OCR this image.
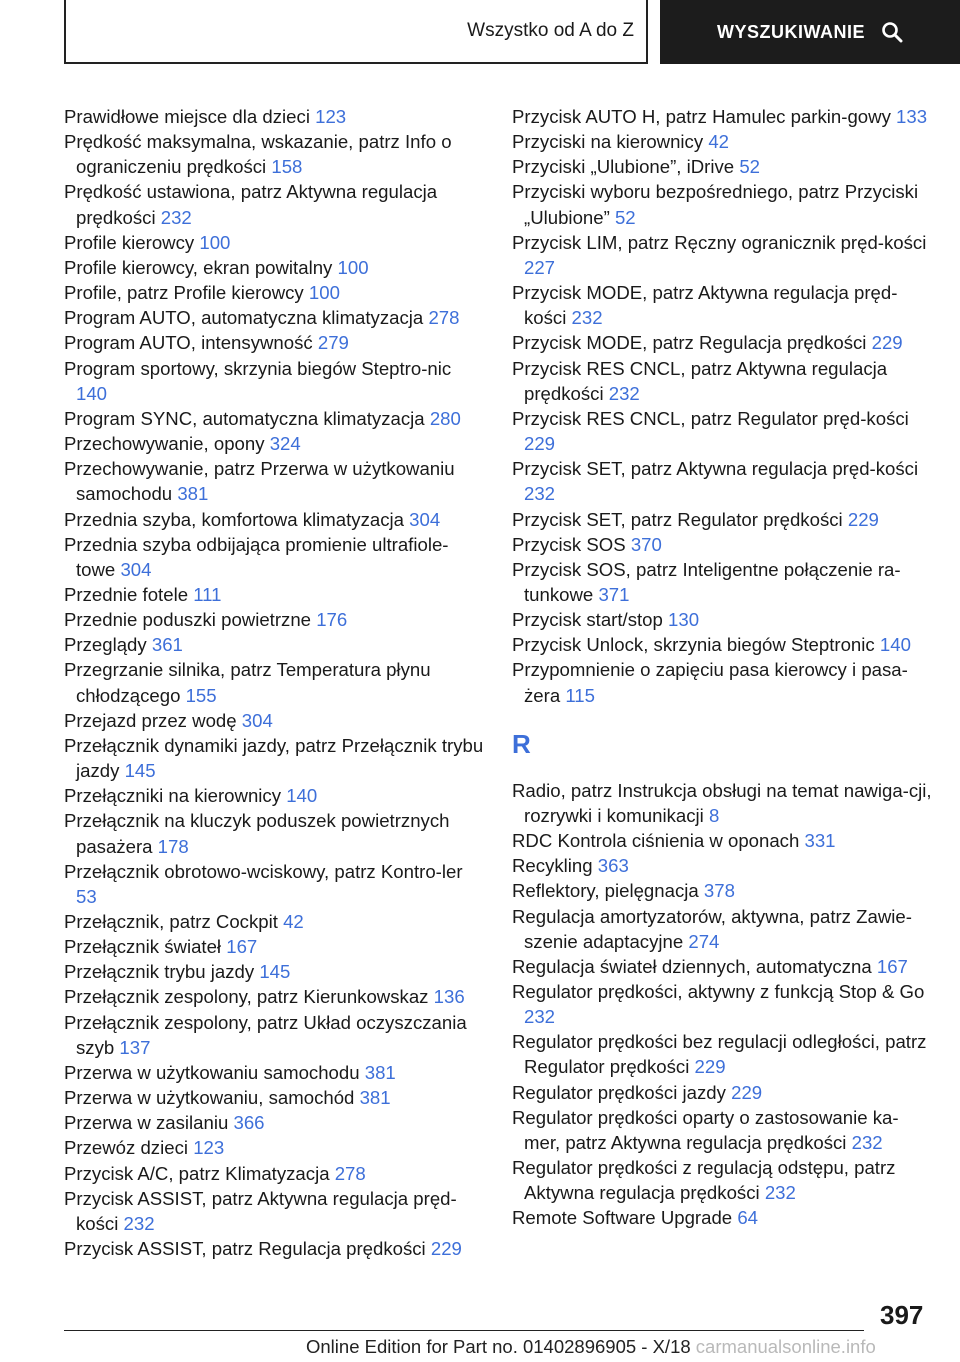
Wszystko od A do Z	WYSZUKIWANIE
Prawidłowe miejsce dla dzieci 123
Prędkość maksymalna, wskazanie, patrz Info o ograniczeniu prędkości 158
Prędkość ustawiona, patrz Aktywna regulacja prędkości 232
Profile kierowcy 100
Profile kierowcy, ekran powitalny 100
Profile, patrz Profile kierowcy 100
Program AUTO, automatyczna klimatyzacja 278
Program AUTO, intensywność 279
Program sportowy, skrzynia biegów Steptro‐nic 140
Program SYNC, automatyczna klimatyzacja 280
Przechowywanie, opony 324
Przechowywanie, patrz Przerwa w użytkowaniu samochodu 381
Przednia szyba, komfortowa klimatyzacja 304
Przednia szyba odbijająca promienie ultrafiole‐towe 304
Przednie fotele 111
Przednie poduszki powietrzne 176
Przeglądy 361
Przegrzanie silnika, patrz Temperatura płynu chłodzącego 155
Przejazd przez wodę 304
Przełącznik dynamiki jazdy, patrz Przełącznik trybu jazdy 145
Przełączniki na kierownicy 140
Przełącznik na kluczyk poduszek powietrznych pasażera 178
Przełącznik obrotowo-wciskowy, patrz Kontro‐ler 53
Przełącznik, patrz Cockpit 42
Przełącznik świateł 167
Przełącznik trybu jazdy 145
Przełącznik zespolony, patrz Kierunkowskaz 136
Przełącznik zespolony, patrz Układ oczyszczania szyb 137
Przerwa w użytkowaniu samochodu 381
Przerwa w użytkowaniu, samochód 381
Przerwa w zasilaniu 366
Przewóz dzieci 123
Przycisk A/C, patrz Klimatyzacja 278
Przycisk ASSIST, patrz Aktywna regulacja pręd‐kości 232
Przycisk ASSIST, patrz Regulacja prędkości 229
Przycisk AUTO H, patrz Hamulec parkin‐gowy 133
Przyciski na kierownicy 42
Przyciski „Ulubione”, iDrive 52
Przyciski wyboru bezpośredniego, patrz Przyciski „Ulubione” 52
Przycisk LIM, patrz Ręczny ogranicznik pręd‐kości 227
Przycisk MODE, patrz Aktywna regulacja pręd‐kości 232
Przycisk MODE, patrz Regulacja prędkości 229
Przycisk RES CNCL, patrz Aktywna regulacja prędkości 232
Przycisk RES CNCL, patrz Regulator pręd‐kości 229
Przycisk SET, patrz Aktywna regulacja pręd‐kości 232
Przycisk SET, patrz Regulator prędkości 229
Przycisk SOS 370
Przycisk SOS, patrz Inteligentne połączenie ra‐tunkowe 371
Przycisk start/stop 130
Przycisk Unlock, skrzynia biegów Steptronic 140
Przypomnienie o zapięciu pasa kierowcy i pasa‐żera 115
R
Radio, patrz Instrukcja obsługi na temat nawiga‐cji, rozrywki i komunikacji 8
RDC Kontrola ciśnienia w oponach 331
Recykling 363
Reflektory, pielęgnacja 378
Regulacja amortyzatorów, aktywna, patrz Zawie‐szenie adaptacyjne 274
Regulacja świateł dziennych, automatyczna 167
Regulator prędkości, aktywny z funkcją Stop & Go 232
Regulator prędkości bez regulacji odległości, patrz Regulator prędkości 229
Regulator prędkości jazdy 229
Regulator prędkości oparty o zastosowanie ka‐mer, patrz Aktywna regulacja prędkości 232
Regulator prędkości z regulacją odstępu, patrz Aktywna regulacja prędkości 232
Remote Software Upgrade 64
397
Online Edition for Part no. 01402896905 - X/18 carmanualsonline.info
